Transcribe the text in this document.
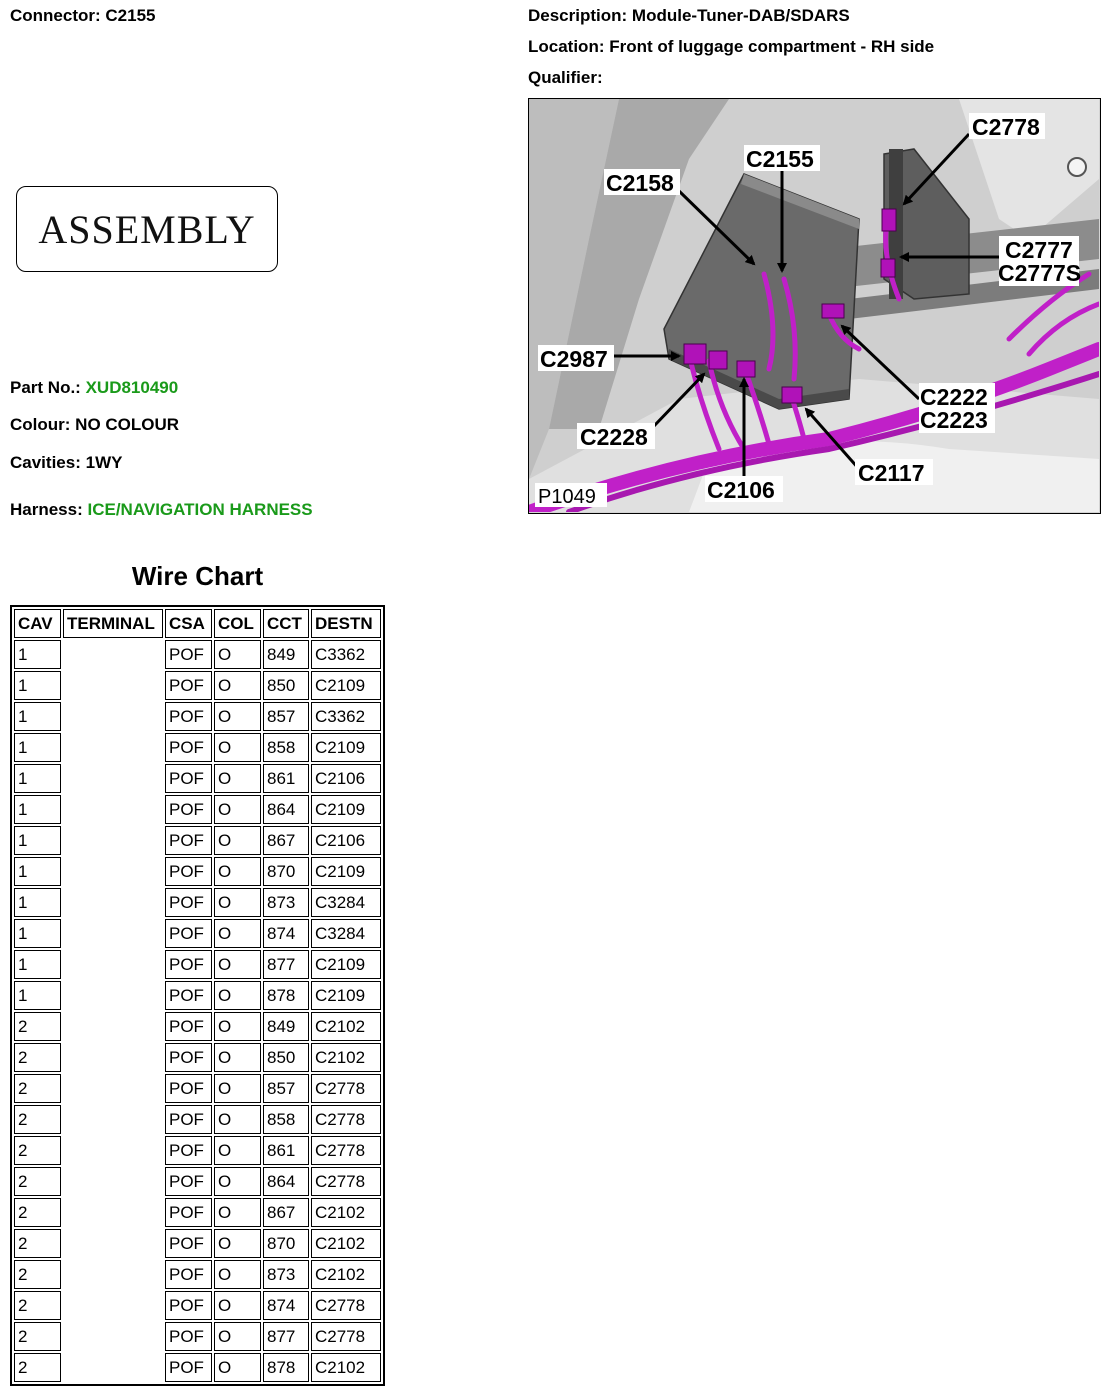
Connector: C2155
ASSEMBLY
Part No.: XUD810490
Colour: NO COLOUR
Cavities: 1WY
Harness: ICE/NAVIGATION HARNESS
Description: Module-Tuner-DAB/SDARS
Location: Front of luggage compartment - RH side
Qualifier:
C2778
C2155
C2158
C2777
C2777S
C2987
C2222
C2223
C2228
C2117
C2106
P1049
Wire Chart
CAV	TERMINAL	CSA	COL	CCT	DESTN
1		POF	O	849	C3362
1		POF	O	850	C2109
1		POF	O	857	C3362
1		POF	O	858	C2109
1		POF	O	861	C2106
1		POF	O	864	C2109
1		POF	O	867	C2106
1		POF	O	870	C2109
1		POF	O	873	C3284
1		POF	O	874	C3284
1		POF	O	877	C2109
1		POF	O	878	C2109
2		POF	O	849	C2102
2		POF	O	850	C2102
2		POF	O	857	C2778
2		POF	O	858	C2778
2		POF	O	861	C2778
2		POF	O	864	C2778
2		POF	O	867	C2102
2		POF	O	870	C2102
2		POF	O	873	C2102
2		POF	O	874	C2778
2		POF	O	877	C2778
2		POF	O	878	C2102
